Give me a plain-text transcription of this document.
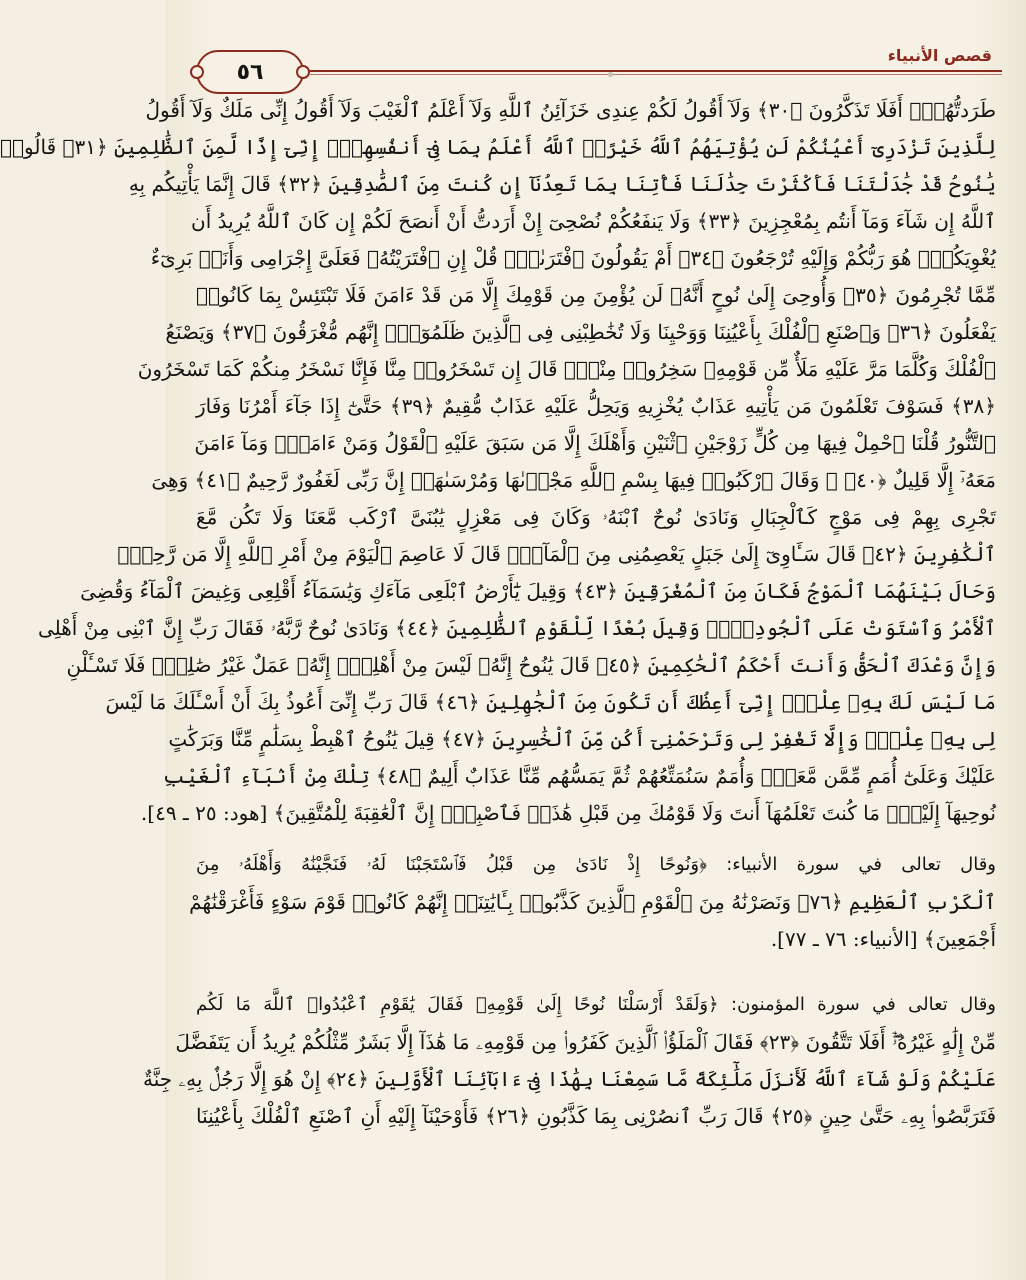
قصص الأنبياء
٥٦
طَرَدتُّهُمْۚ أَفَلَا تَذَكَّرُونَ ﴿٣٠﴾ وَلَآ أَقُولُ لَكُمْ عِندِى خَزَآئِنُ ٱللَّهِ وَلَآ أَعْلَمُ ٱلْغَيْبَ وَلَآ أَقُولُ إِنِّى مَلَكٌ وَلَآ أَقُولُ
لِلَّذِينَ تَزْدَرِىٓ أَعْيُنُكُمْ لَن يُؤْتِيَهُمُ ٱللَّهُ خَيْرًاۖ ٱللَّهُ أَعْلَمُ بِمَا فِىٓ أَنفُسِهِمْۖ إِنِّىٓ إِذًا لَّمِنَ ٱلظَّٰلِمِينَ ﴿٣١﴾ قَالُوا۟
يَٰنُوحُ قَدْ جَٰدَلْتَنَا فَأَكْثَرْتَ جِدَٰلَنَا فَأْتِنَا بِمَا تَعِدُنَآ إِن كُنتَ مِنَ ٱلصَّٰدِقِينَ ﴿٣٢﴾ قَالَ إِنَّمَا يَأْتِيكُم بِهِ
ٱللَّهُ إِن شَآءَ وَمَآ أَنتُم بِمُعْجِزِينَ ﴿٣٣﴾ وَلَا يَنفَعُكُمْ نُصْحِىٓ إِنْ أَرَدتُّ أَنْ أَنصَحَ لَكُمْ إِن كَانَ ٱللَّهُ يُرِيدُ أَن
يُغْوِيَكُمْۚ هُوَ رَبُّكُمْ وَإِلَيْهِ تُرْجَعُونَ ﴿٣٤﴾ أَمْ يَقُولُونَ ٱفْتَرَىٰهُۖ قُلْ إِنِ ٱفْتَرَيْتُهُۥ فَعَلَىَّ إِجْرَامِى وَأَنَا۠ بَرِىٓءٌ
مِّمَّا تُجْرِمُونَ ﴿٣٥﴾ وَأُوحِىَ إِلَىٰ نُوحٍ أَنَّهُۥ لَن يُؤْمِنَ مِن قَوْمِكَ إِلَّا مَن قَدْ ءَامَنَ فَلَا تَبْتَئِسْ بِمَا كَانُوا۟
يَفْعَلُونَ ﴿٣٦﴾ وَٱصْنَعِ ٱلْفُلْكَ بِأَعْيُنِنَا وَوَحْيِنَا وَلَا تُخَٰطِبْنِى فِى ٱلَّذِينَ ظَلَمُوٓا۟ۚ إِنَّهُم مُّغْرَقُونَ ﴿٣٧﴾ وَيَصْنَعُ
ٱلْفُلْكَ وَكُلَّمَا مَرَّ عَلَيْهِ مَلَأٌ مِّن قَوْمِهِۦ سَخِرُوا۟ مِنْهُۚ قَالَ إِن تَسْخَرُوا۟ مِنَّا فَإِنَّا نَسْخَرُ مِنكُمْ كَمَا تَسْخَرُونَ
﴿٣٨﴾ فَسَوْفَ تَعْلَمُونَ مَن يَأْتِيهِ عَذَابٌ يُخْزِيهِ وَيَحِلُّ عَلَيْهِ عَذَابٌ مُّقِيمٌ ﴿٣٩﴾ حَتَّىٰٓ إِذَا جَآءَ أَمْرُنَا وَفَارَ
ٱلتَّنُّورُ قُلْنَا ٱحْمِلْ فِيهَا مِن كُلٍّ زَوْجَيْنِ ٱثْنَيْنِ وَأَهْلَكَ إِلَّا مَن سَبَقَ عَلَيْهِ ٱلْقَوْلُ وَمَنْ ءَامَنَۚ وَمَآ ءَامَنَ
مَعَهُۥٓ إِلَّا قَلِيلٌ ﴿٤٠﴾ ۞ وَقَالَ ٱرْكَبُوا۟ فِيهَا بِسْمِ ٱللَّهِ مَجْر۪ىٰهَا وَمُرْسَىٰهَآۚ إِنَّ رَبِّى لَغَفُورٌ رَّحِيمٌ ﴿٤١﴾ وَهِىَ
تَجْرِى بِهِمْ فِى مَوْجٍ كَٱلْجِبَالِ وَنَادَىٰ نُوحٌ ٱبْنَهُۥ وَكَانَ فِى مَعْزِلٍ يَٰبُنَىَّ ٱرْكَب مَّعَنَا وَلَا تَكُن مَّعَ
ٱلْكَٰفِرِينَ ﴿٤٢﴾ قَالَ سَـَٔاوِىٓ إِلَىٰ جَبَلٍ يَعْصِمُنِى مِنَ ٱلْمَآءِۚ قَالَ لَا عَاصِمَ ٱلْيَوْمَ مِنْ أَمْرِ ٱللَّهِ إِلَّا مَن رَّحِمَۚ
وَحَالَ بَيْنَهُمَا ٱلْمَوْجُ فَكَانَ مِنَ ٱلْمُغْرَقِينَ ﴿٤٣﴾ وَقِيلَ يَٰٓأَرْضُ ٱبْلَعِى مَآءَكِ وَيَٰسَمَآءُ أَقْلِعِى وَغِيضَ ٱلْمَآءُ وَقُضِىَ
ٱلْأَمْرُ وَٱسْتَوَتْ عَلَى ٱلْجُودِىِّۖ وَقِيلَ بُعْدًا لِّلْقَوْمِ ٱلظَّٰلِمِينَ ﴿٤٤﴾ وَنَادَىٰ نُوحٌ رَّبَّهُۥ فَقَالَ رَبِّ إِنَّ ٱبْنِى مِنْ أَهْلِى
وَإِنَّ وَعْدَكَ ٱلْحَقُّ وَأَنتَ أَحْكَمُ ٱلْحَٰكِمِينَ ﴿٤٥﴾ قَالَ يَٰنُوحُ إِنَّهُۥ لَيْسَ مِنْ أَهْلِكَۖ إِنَّهُۥ عَمَلٌ غَيْرُ صَٰلِحٍۖ فَلَا تَسْـَٔلْنِ
مَا لَيْسَ لَكَ بِهِۦ عِلْمٌۖ إِنِّىٓ أَعِظُكَ أَن تَكُونَ مِنَ ٱلْجَٰهِلِينَ ﴿٤٦﴾ قَالَ رَبِّ إِنِّىٓ أَعُوذُ بِكَ أَنْ أَسْـَٔلَكَ مَا لَيْسَ
لِى بِهِۦ عِلْمٌۖ وَإِلَّا تَغْفِرْ لِى وَتَرْحَمْنِىٓ أَكُن مِّنَ ٱلْخَٰسِرِينَ ﴿٤٧﴾ قِيلَ يَٰنُوحُ ٱهْبِطْ بِسَلَٰمٍ مِّنَّا وَبَرَكَٰتٍ
عَلَيْكَ وَعَلَىٰٓ أُمَمٍ مِّمَّن مَّعَكَۚ وَأُمَمٌ سَنُمَتِّعُهُمْ ثُمَّ يَمَسُّهُم مِّنَّا عَذَابٌ أَلِيمٌ ﴿٤٨﴾ تِلْكَ مِنْ أَنۢبَآءِ ٱلْغَيْبِ
نُوحِيهَآ إِلَيْكَۖ مَا كُنتَ تَعْلَمُهَآ أَنتَ وَلَا قَوْمُكَ مِن قَبْلِ هَٰذَاۖ فَٱصْبِرْۖ إِنَّ ٱلْعَٰقِبَةَ لِلْمُتَّقِينَ﴾ [هود: ٢٥ ـ ٤٩].
وقال تعالى في سورة الأنبياء: ﴿وَنُوحًا إِذْ نَادَىٰ مِن قَبْلُ فَٱسْتَجَبْنَا لَهُۥ فَنَجَّيْنَٰهُ وَأَهْلَهُۥ مِنَ
ٱلْكَرْبِ ٱلْعَظِيمِ ﴿٧٦﴾ وَنَصَرْنَٰهُ مِنَ ٱلْقَوْمِ ٱلَّذِينَ كَذَّبُوا۟ بِـَٔايَٰتِنَآۚ إِنَّهُمْ كَانُوا۟ قَوْمَ سَوْءٍ فَأَغْرَقْنَٰهُمْ
أَجْمَعِينَ﴾ [الأنبياء: ٧٦ ـ ٧٧].
وقال تعالى في سورة المؤمنون: ﴿وَلَقَدْ أَرْسَلْنَا نُوحًا إِلَىٰ قَوْمِهِۦ فَقَالَ يَٰقَوْمِ ٱعْبُدُوا۟ ٱللَّهَ مَا لَكُم
مِّنْ إِلَٰهٍ غَيْرُهُۥٓۖ أَفَلَا تَتَّقُونَ ﴿٢٣﴾ فَقَالَ ٱلْمَلَؤُا۟ ٱلَّذِينَ كَفَرُوا۟ مِن قَوْمِهِۦ مَا هَٰذَآ إِلَّا بَشَرٌ مِّثْلُكُمْ يُرِيدُ أَن يَتَفَضَّلَ
عَلَيْكُمْ وَلَوْ شَآءَ ٱللَّهُ لَأَنزَلَ مَلَٰٓئِكَةً مَّا سَمِعْنَا بِهَٰذَا فِىٓ ءَابَآئِنَا ٱلْأَوَّلِينَ ﴿٢٤﴾ إِنْ هُوَ إِلَّا رَجُلٌۢ بِهِۦ جِنَّةٌ
فَتَرَبَّصُوا۟ بِهِۦ حَتَّىٰ حِينٍ ﴿٢٥﴾ قَالَ رَبِّ ٱنصُرْنِى بِمَا كَذَّبُونِ ﴿٢٦﴾ فَأَوْحَيْنَآ إِلَيْهِ أَنِ ٱصْنَعِ ٱلْفُلْكَ بِأَعْيُنِنَا
